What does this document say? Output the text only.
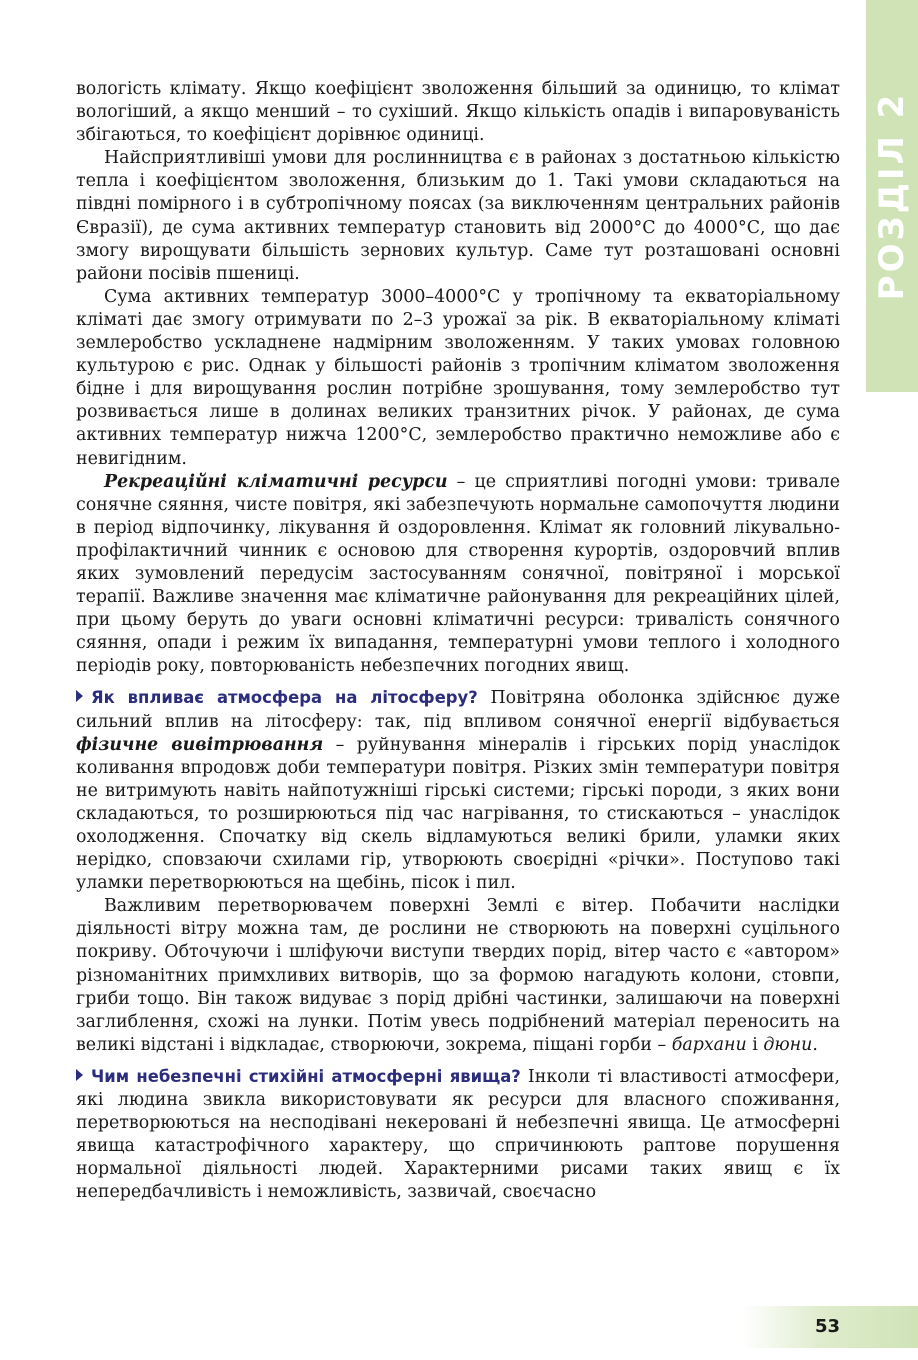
РОЗДІЛ 2

вологість клімату. Якщо коефіцієнт зволоження більший за одиницю, то клімат вологіший, а якщо менший – то сухіший. Якщо кількість опадів і випаровуваність збігаються, то коефіцієнт дорівнює одиниці.

Найсприятливіші умови для рослинництва є в районах з достатньою кількістю тепла і коефіцієнтом зволоження, близьким до 1. Такі умови складаються на півдні помірного і в субтропічному поясах (за виключенням центральних районів Євразії), де сума активних температур становить від 2000°С до 4000°С, що дає змогу вирощувати більшість зернових культур. Саме тут розташовані основні райони посівів пшениці.

Сума активних температур 3000–4000°С у тропічному та екваторіальному кліматі дає змогу отримувати по 2–3 урожаї за рік. В екваторіальному кліматі землеробство ускладнене надмірним зволоженням. У таких умовах головною культурою є рис. Однак у більшості районів з тропічним кліматом зволоження бідне і для вирощування рослин потрібне зрошування, тому землеробство тут розвивається лише в долинах великих транзитних річок. У районах, де сума активних температур нижча 1200°С, землеробство практично неможливе або є невигідним.

Рекреаційні кліматичні ресурси – це сприятливі погодні умови: тривале сонячне сяяння, чисте повітря, які забезпечують нормальне самопочуття людини в період відпочинку, лікування й оздоровлення. Клімат як головний лікувально-профілактичний чинник є основою для створення курортів, оздоровчий вплив яких зумовлений передусім застосуванням сонячної, повітряної і морської терапії. Важливе значення має кліматичне районування для рекреаційних цілей, при цьому беруть до уваги основні кліматичні ресурси: тривалість сонячного сяяння, опади і режим їх випадання, температурні умови теплого і холодного періодів року, повторюваність небезпечних погодних явищ.

Як впливає атмосфера на літосферу? Повітряна оболонка здійснює дуже сильний вплив на літосферу: так, під впливом сонячної енергії відбувається фізичне вивітрювання – руйнування мінералів і гірських порід унаслідок коливання впродовж доби температури повітря. Різких змін температури повітря не витримують навіть найпотужніші гірські системи; гірські породи, з яких вони складаються, то розширюються під час нагрівання, то стискаються – унаслідок охолодження. Спочатку від скель відламуються великі брили, уламки яких нерідко, сповзаючи схилами гір, утворюють своєрідні «річки». Поступово такі уламки перетворюються на щебінь, пісок і пил.

Важливим перетворювачем поверхні Землі є вітер. Побачити наслідки діяльності вітру можна там, де рослини не створюють на поверхні суцільного покриву. Обточуючи і шліфуючи виступи твердих порід, вітер часто є «автором» різноманітних примхливих витворів, що за формою нагадують колони, стовпи, гриби тощо. Він також видуває з порід дрібні частинки, залишаючи на поверхні заглиблення, схожі на лунки. Потім увесь подрібнений матеріал переносить на великі відстані і відкладає, створюючи, зокрема, піщані горби – бархани і дюни.

Чим небезпечні стихійні атмосферні явища? Інколи ті властивості атмосфери, які людина звикла використовувати як ресурси для власного споживання, перетворюються на несподівані некеровані й небезпечні явища. Це атмосферні явища катастрофічного характеру, що спричинюють раптове порушення нормальної діяльності людей. Характерними рисами таких явищ є їх непередбачливість і неможливість, зазвичай, своєчасно

53
